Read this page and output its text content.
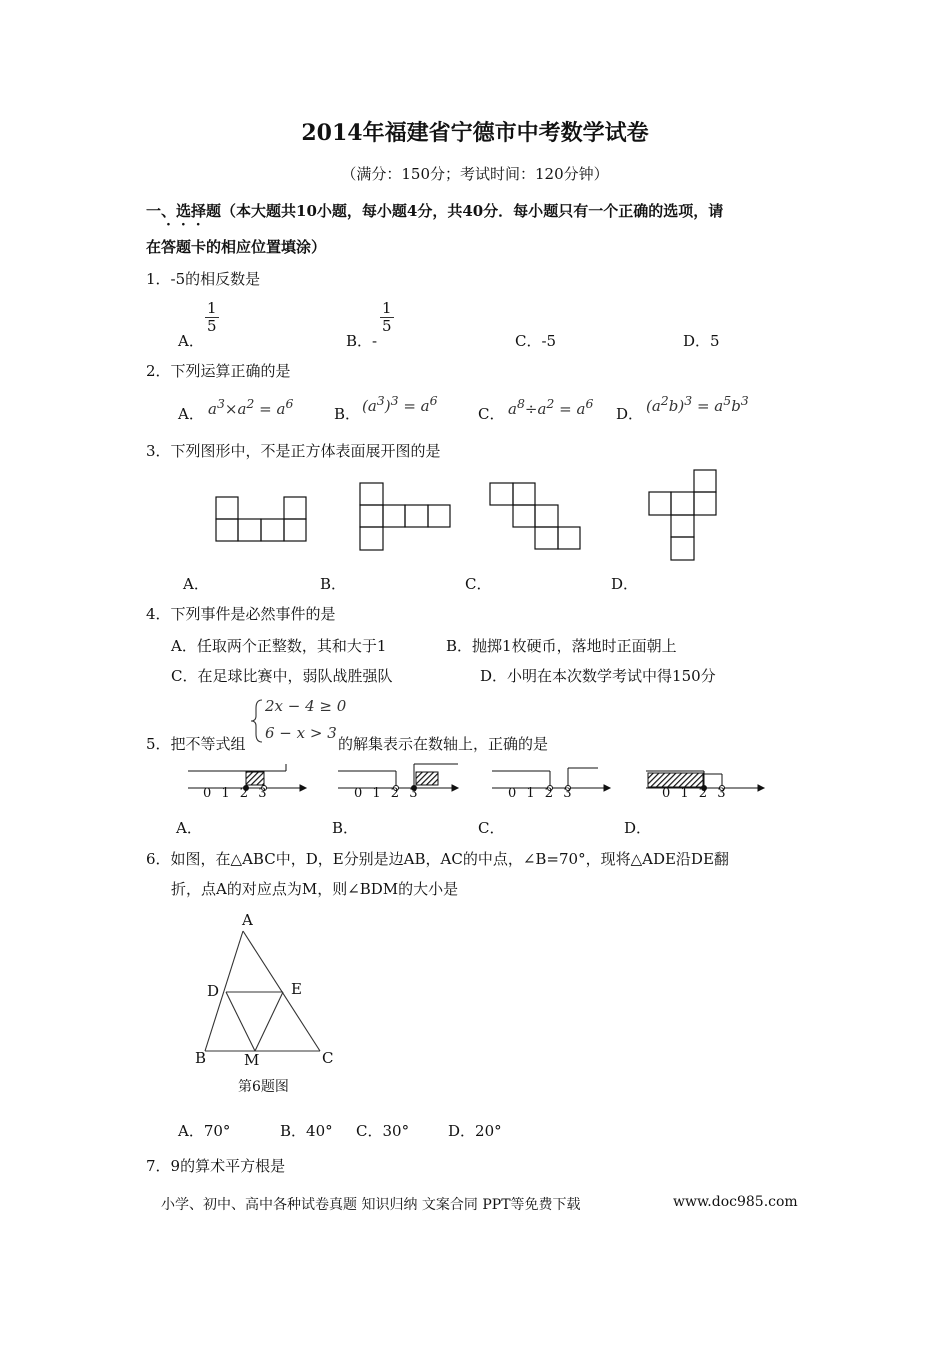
2014年福建省宁德市中考数学试卷
（满分：150分；考试时间：120分钟）
一、选择题（本大题共10小题，每小题4分，共40分．每小题只有一个正确的选项，请
···
在答题卡的相应位置填涂）
1．-5的相反数是
A．
$\frac{1}{5}$
B．-
$\frac{1}{5}$
C．-5	D．5
2．下列运算正确的是
A． $a^3\times a^2 = a^6$
B． $(a^3)^3 = a^6$
C． $a^8\div a^2 = a^6$
D． $(a^2b)^3 = a^5b^3$
3．下列图形中，不是正方体表面展开图的是
A．	B．	C．	D．
4．下列事件是必然事件的是
A．任取两个正整数，其和大于1	B．抛掷1枚硬币，落地时正面朝上
C．在足球比赛中，弱队战胜强队	D．小明在本次数学考试中得150分
2x − 4 ≥ 0
6 − x > 3
5．把不等式组	的解集表示在数轴上，正确的是
0 1 2 3	0 1 2 3	0 1 2 3	0 1 2 3
A．	B．	C．	D．
6．如图，在△ABC中，D，E分别是边AB，AC的中点，∠B=70°，现将△ADE沿DE翻
折，点A的对应点为M，则∠BDM的大小是
A
D	E
B	M	C
第6题图
A．70°	B．40° C．30°	D．20°
7．9的算术平方根是
小学、初中、高中各种试卷真题 知识归纳 文案合同 PPT等免费下载	www.doc985.com
